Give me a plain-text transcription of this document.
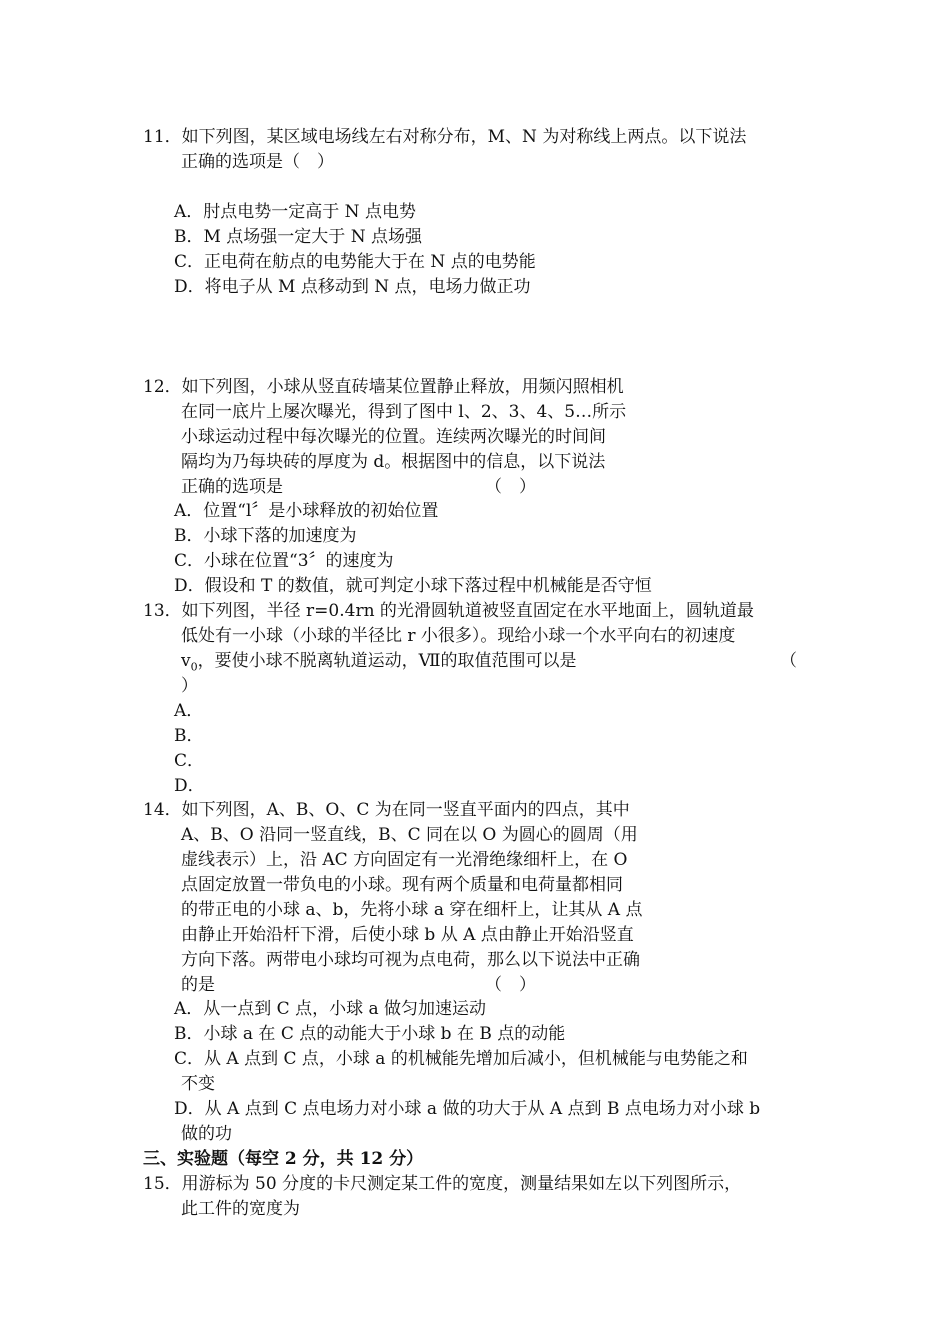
11．如下列图，某区域电场线左右对称分布，M、N 为对称线上两点。以下说法
正确的选项是（　）
A．肘点电势一定高于 N 点电势
B．M 点场强一定大于 N 点场强
C．正电荷在舫点的电势能大于在 N 点的电势能
D．将电子从 M 点移动到 N 点，电场力做正功
12．如下列图，小球从竖直砖墙某位置静止释放，用频闪照相机
在同一底片上屡次曝光，得到了图中 l、2、3、4、5…所示
小球运动过程中每次曝光的位置。连续两次曝光的时间间
隔均为乃每块砖的厚度为 d。根据图中的信息，以下说法
正确的选项是	（　）
A．位置“l〞是小球释放的初始位置
B．小球下落的加速度为
C．小球在位置“3〞的速度为
D．假设和 T 的数值，就可判定小球下落过程中机械能是否守恒
13．如下列图，半径 r=0.4rn 的光滑圆轨道被竖直固定在水平地面上，圆轨道最
低处有一小球（小球的半径比 r 小很多）。现给小球一个水平向右的初速度
$v_0$，要使小球不脱离轨道运动，Ⅶ的取值范围可以是	（
）
A．
B．
C．
D．
14．如下列图，A、B、O、C 为在同一竖直平面内的四点，其中
A、B、O 沿同一竖直线，B、C 同在以 O 为圆心的圆周（用
虚线表示）上，沿 AC 方向固定有一光滑绝缘细杆上，在 O
点固定放置一带负电的小球。现有两个质量和电荷量都相同
的带正电的小球 a、b，先将小球 a 穿在细杆上，让其从 A 点
由静止开始沿杆下滑，后使小球 b 从 A 点由静止开始沿竖直
方向下落。两带电小球均可视为点电荷，那么以下说法中正确
的是	（　）
A．从一点到 C 点，小球 a 做匀加速运动
B．小球 a 在 C 点的动能大于小球 b 在 B 点的动能
C．从 A 点到 C 点，小球 a 的机械能先增加后减小，但机械能与电势能之和
不变
D．从 A 点到 C 点电场力对小球 a 做的功大于从 A 点到 B 点电场力对小球 b
做的功
三、实验题（每空 2 分，共 12 分）
15．用游标为 50 分度的卡尺测定某工件的宽度，测量结果如左以下列图所示，
此工件的宽度为
